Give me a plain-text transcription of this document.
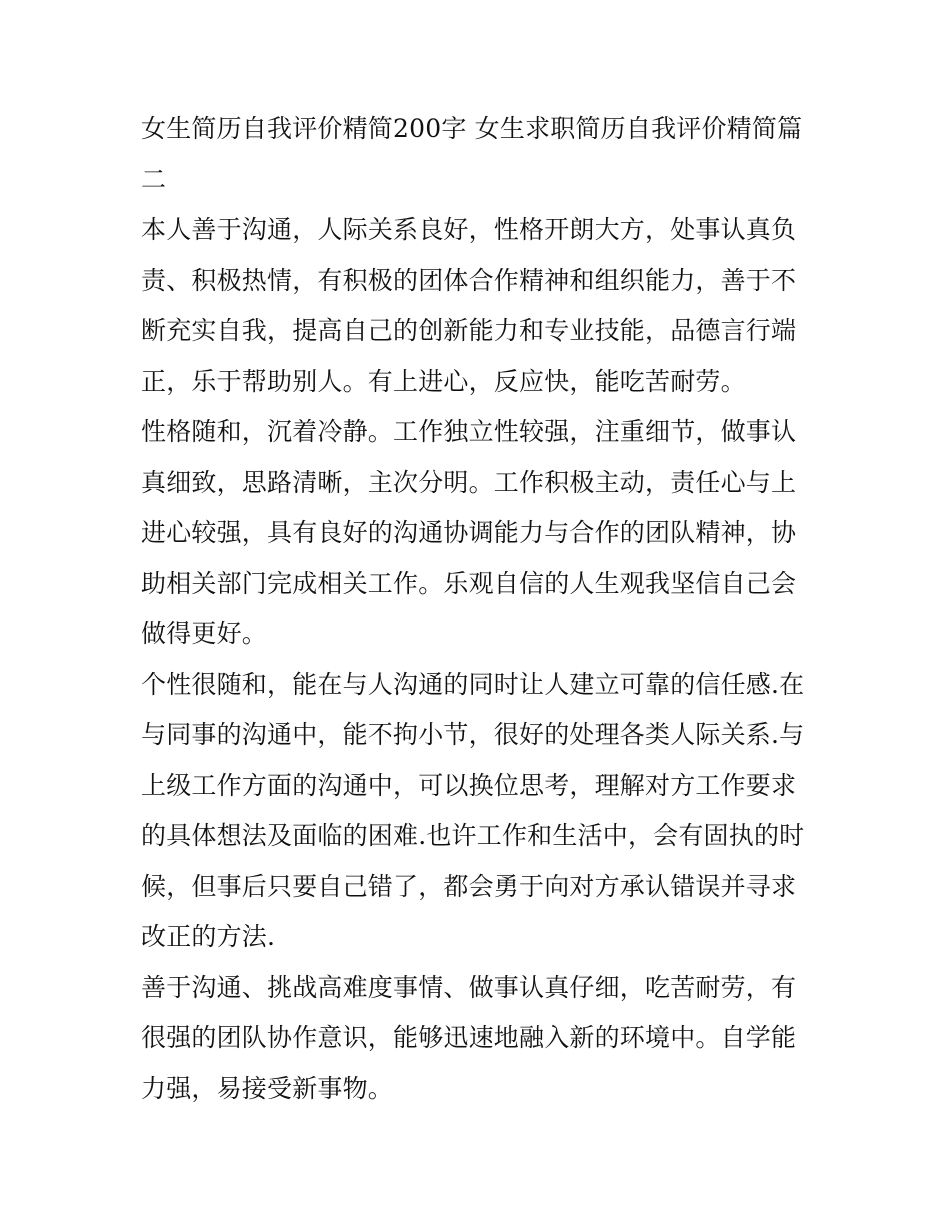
女生简历自我评价精简200字 女生求职简历自我评价精简篇二

本人善于沟通，人际关系良好，性格开朗大方，处事认真负责、积极热情，有积极的团体合作精神和组织能力，善于不断充实自我，提高自己的创新能力和专业技能，品德言行端正，乐于帮助别人。有上进心，反应快，能吃苦耐劳。

性格随和，沉着冷静。工作独立性较强，注重细节，做事认真细致，思路清晰，主次分明。工作积极主动，责任心与上进心较强，具有良好的沟通协调能力与合作的团队精神，协助相关部门完成相关工作。乐观自信的人生观我坚信自己会做得更好。

个性很随和，能在与人沟通的同时让人建立可靠的信任感.在与同事的沟通中，能不拘小节，很好的处理各类人际关系.与上级工作方面的沟通中，可以换位思考，理解对方工作要求的具体想法及面临的困难.也许工作和生活中，会有固执的时候，但事后只要自己错了，都会勇于向对方承认错误并寻求改正的方法.

善于沟通、挑战高难度事情、做事认真仔细，吃苦耐劳，有很强的团队协作意识，能够迅速地融入新的环境中。自学能力强，易接受新事物。
